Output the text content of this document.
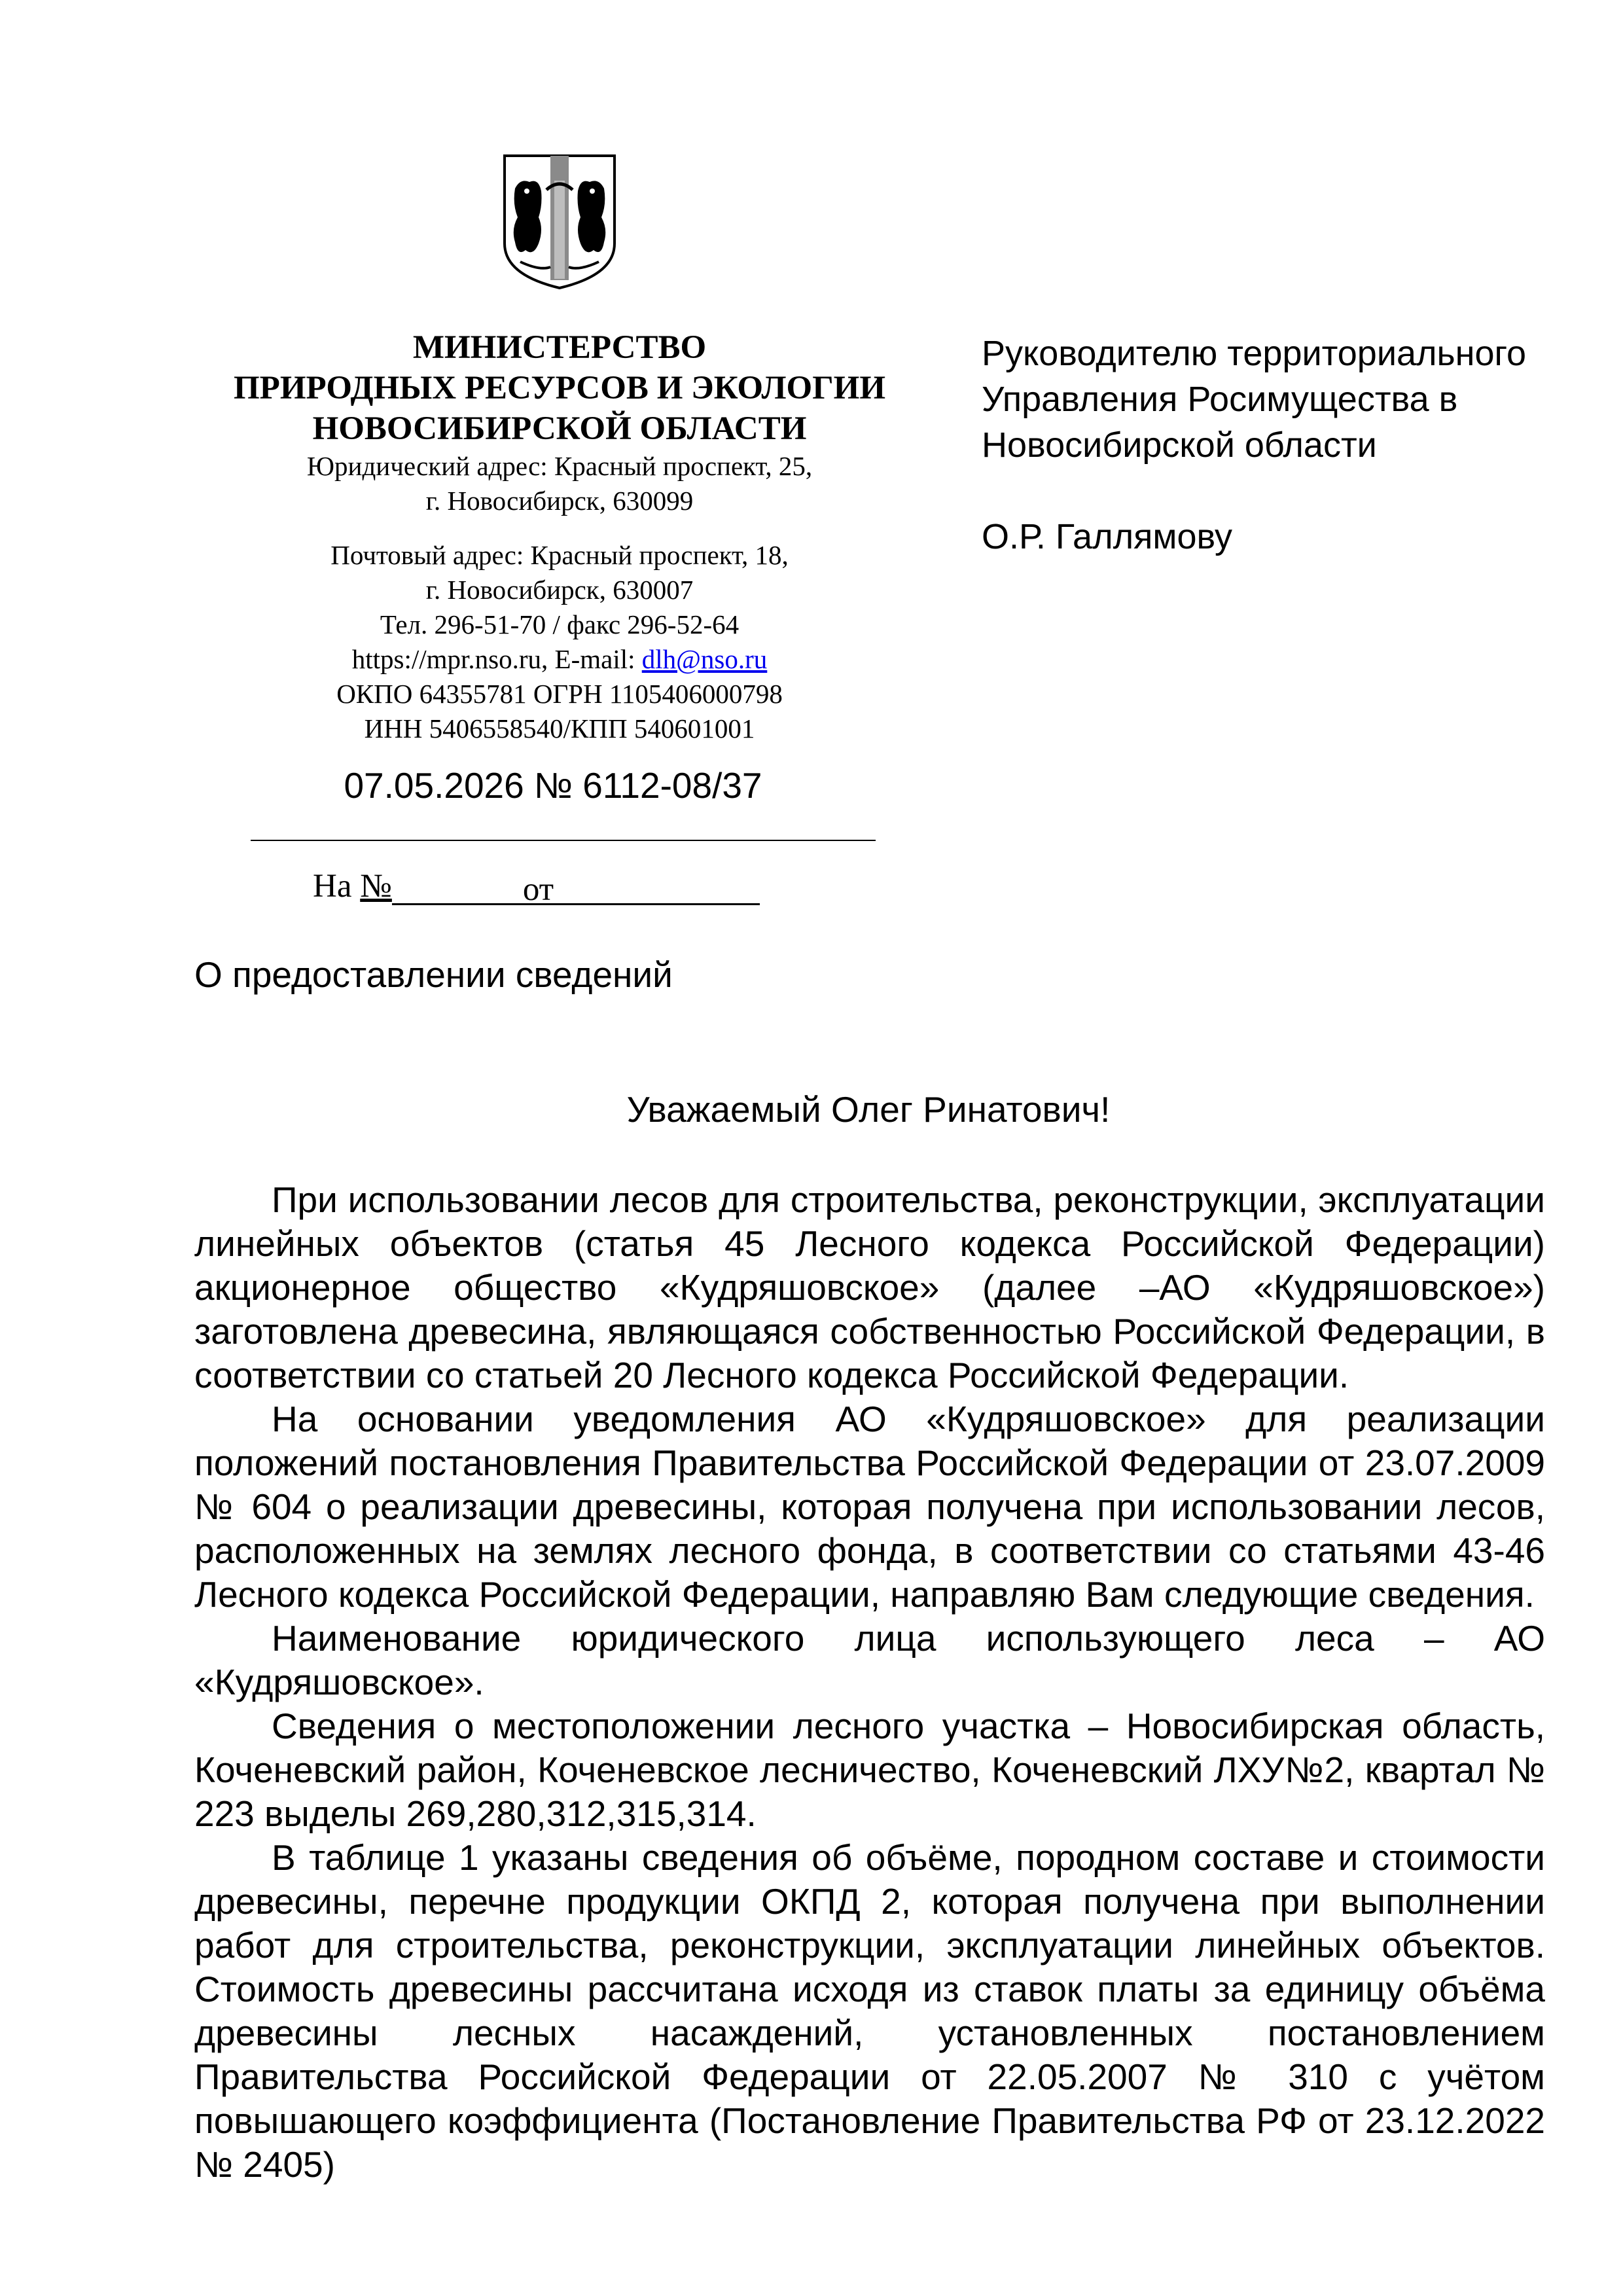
МИНИСТЕРСТВО
ПРИРОДНЫХ РЕСУРСОВ И ЭКОЛОГИИ
НОВОСИБИРСКОЙ ОБЛАСТИ
Юридический адрес: Красный проспект, 25,
г. Новосибирск, 630099
Почтовый адрес: Красный проспект, 18,
г. Новосибирск, 630007
Тел. 296-51-70 / факс 296-52-64
https://mpr.nso.ru, E-mail: dlh@nso.ru
ОКПО 64355781 ОГРН 1105406000798
ИНН 5406558540/КПП 540601001
07.05.2026 № 6112-08/37
На №	от
Руководителю территориального
Управления Росимущества в
Новосибирской области
О.Р. Галлямову
О предоставлении сведений
Уважаемый Олег Ринатович!

При использовании лесов для строительства, реконструкции, эксплуатации линейных объектов (статья 45 Лесного кодекса Российской Федерации) акционерное общество «Кудряшовское» (далее –АО «Кудряшовское») заготовлена древесина, являющаяся собственностью Российской Федерации, в соответствии со статьей 20 Лесного кодекса Российской Федерации.

На основании уведомления АО «Кудряшовское» для реализации положений постановления Правительства Российской Федерации от 23.07.2009 № 604 о реализации древесины, которая получена при использовании лесов, расположенных на землях лесного фонда, в соответствии со статьями 43-46 Лесного кодекса Российской Федерации, направляю Вам следующие сведения.

Наименование юридического лица использующего леса – АО «Кудряшовское».

Сведения о местоположении лесного участка – Новосибирская область, Коченевский район, Коченевское лесничество, Коченевский ЛХУ№2, квартал № 223 выделы 269,280,312,315,314.

В таблице 1 указаны сведения об объёме, породном составе и стоимости древесины, перечне продукции ОКПД 2, которая получена при выполнении работ для строительства, реконструкции, эксплуатации линейных объектов. Стоимость древесины рассчитана исходя из ставок платы за единицу объёма древесины лесных насаждений, установленных постановлением Правительства Российской Федерации от 22.05.2007 № 310 с учётом повышающего коэффициента (Постановление Правительства РФ от 23.12.2022 № 2405)
